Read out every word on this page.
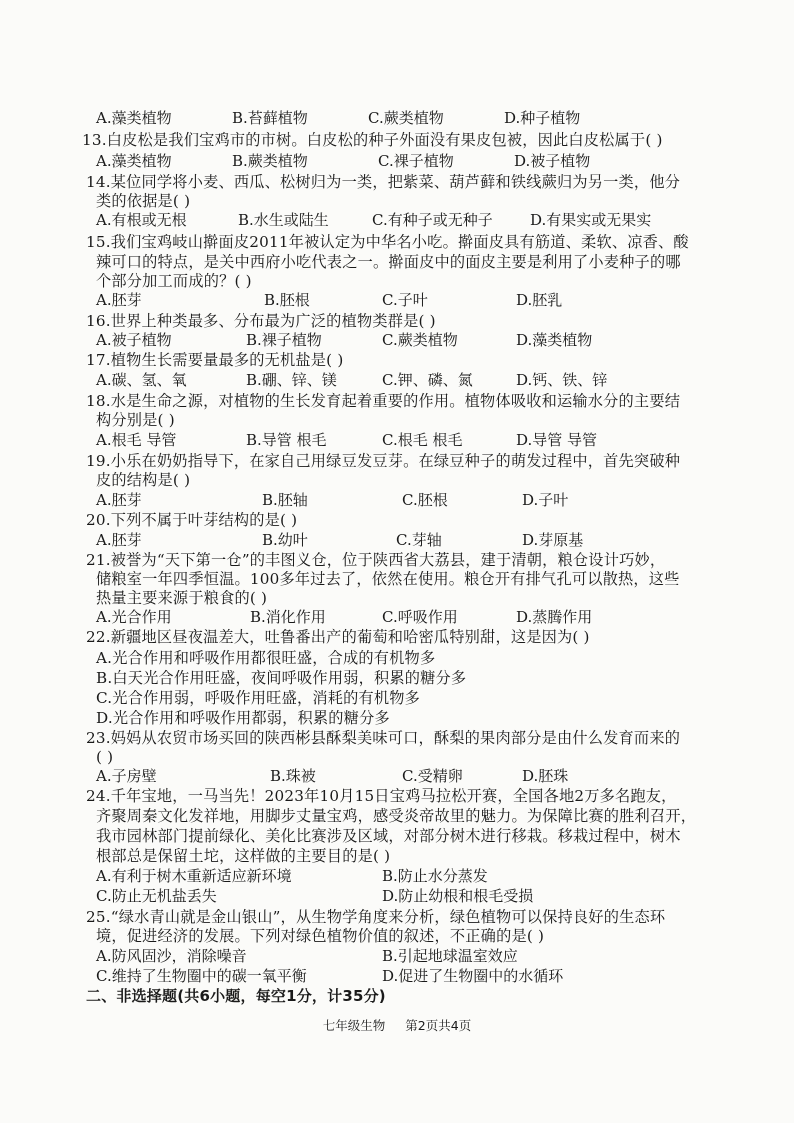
A.藻类植物	B.苔藓植物	C.蕨类植物	D.种子植物
13.白皮松是我们宝鸡市的市树。白皮松的种子外面没有果皮包被，因此白皮松属于( )
A.藻类植物	B.蕨类植物	C.裸子植物	D.被子植物
14.某位同学将小麦、西瓜、松树归为一类，把紫菜、葫芦藓和铁线蕨归为另一类，他分
类的依据是( )
A.有根或无根	B.水生或陆生	C.有种子或无种子 D.有果实或无果实
15.我们宝鸡岐山擀面皮2011年被认定为中华名小吃。擀面皮具有筋道、柔软、凉香、酸
辣可口的特点，是关中西府小吃代表之一。擀面皮中的面皮主要是利用了小麦种子的哪
个部分加工而成的？( )
A.胚芽	B.胚根	C.子叶	D.胚乳
16.世界上种类最多、分布最为广泛的植物类群是( )
A.被子植物	B.裸子植物	C.蕨类植物	D.藻类植物
17.植物生长需要量最多的无机盐是( )
A.碳、氢、氧	B.硼、锌、镁	C.钾、磷、氮	D.钙、铁、锌
18.水是生命之源，对植物的生长发育起着重要的作用。植物体吸收和运输水分的主要结
构分别是( )
A.根毛 导管	B.导管 根毛	C.根毛 根毛	D.导管 导管
19.小乐在奶奶指导下，在家自己用绿豆发豆芽。在绿豆种子的萌发过程中，首先突破种
皮的结构是( )
A.胚芽	B.胚轴	C.胚根	D.子叶
20.下列不属于叶芽结构的是( )
A.胚芽	B.幼叶	C.芽轴	D.芽原基
21.被誉为“天下第一仓”的丰图义仓，位于陕西省大荔县，建于清朝，粮仓设计巧妙，
储粮室一年四季恒温。100多年过去了，依然在使用。粮仓开有排气孔可以散热，这些
热量主要来源于粮食的( )
A.光合作用	B.消化作用	C.呼吸作用	D.蒸腾作用
22.新疆地区昼夜温差大，吐鲁番出产的葡萄和哈密瓜特别甜，这是因为( )
A.光合作用和呼吸作用都很旺盛，合成的有机物多
B.白天光合作用旺盛，夜间呼吸作用弱，积累的糖分多
C.光合作用弱，呼吸作用旺盛，消耗的有机物多
D.光合作用和呼吸作用都弱，积累的糖分多
23.妈妈从农贸市场买回的陕西彬县酥梨美味可口，酥梨的果肉部分是由什么发育而来的
( )
A.子房壁	B.珠被	C.受精卵	D.胚珠
24.千年宝地，一马当先！2023年10月15日宝鸡马拉松开赛，全国各地2万多名跑友，
齐聚周秦文化发祥地，用脚步丈量宝鸡，感受炎帝故里的魅力。为保障比赛的胜利召开，
我市园林部门提前绿化、美化比赛涉及区域，对部分树木进行移栽。移栽过程中，树木
根部总是保留土坨，这样做的主要目的是( )
A.有利于树木重新适应新环境	B.防止水分蒸发
C.防止无机盐丢失	D.防止幼根和根毛受损
25.“绿水青山就是金山银山”，从生物学角度来分析，绿色植物可以保持良好的生态环
境，促进经济的发展。下列对绿色植物价值的叙述，不正确的是( )
A.防风固沙，消除噪音	B.引起地球温室效应
C.维持了生物圈中的碳一氧平衡	D.促进了生物圈中的水循环
二、非选择题(共6小题，每空1分，计35分)
七年级生物 第2页共4页
